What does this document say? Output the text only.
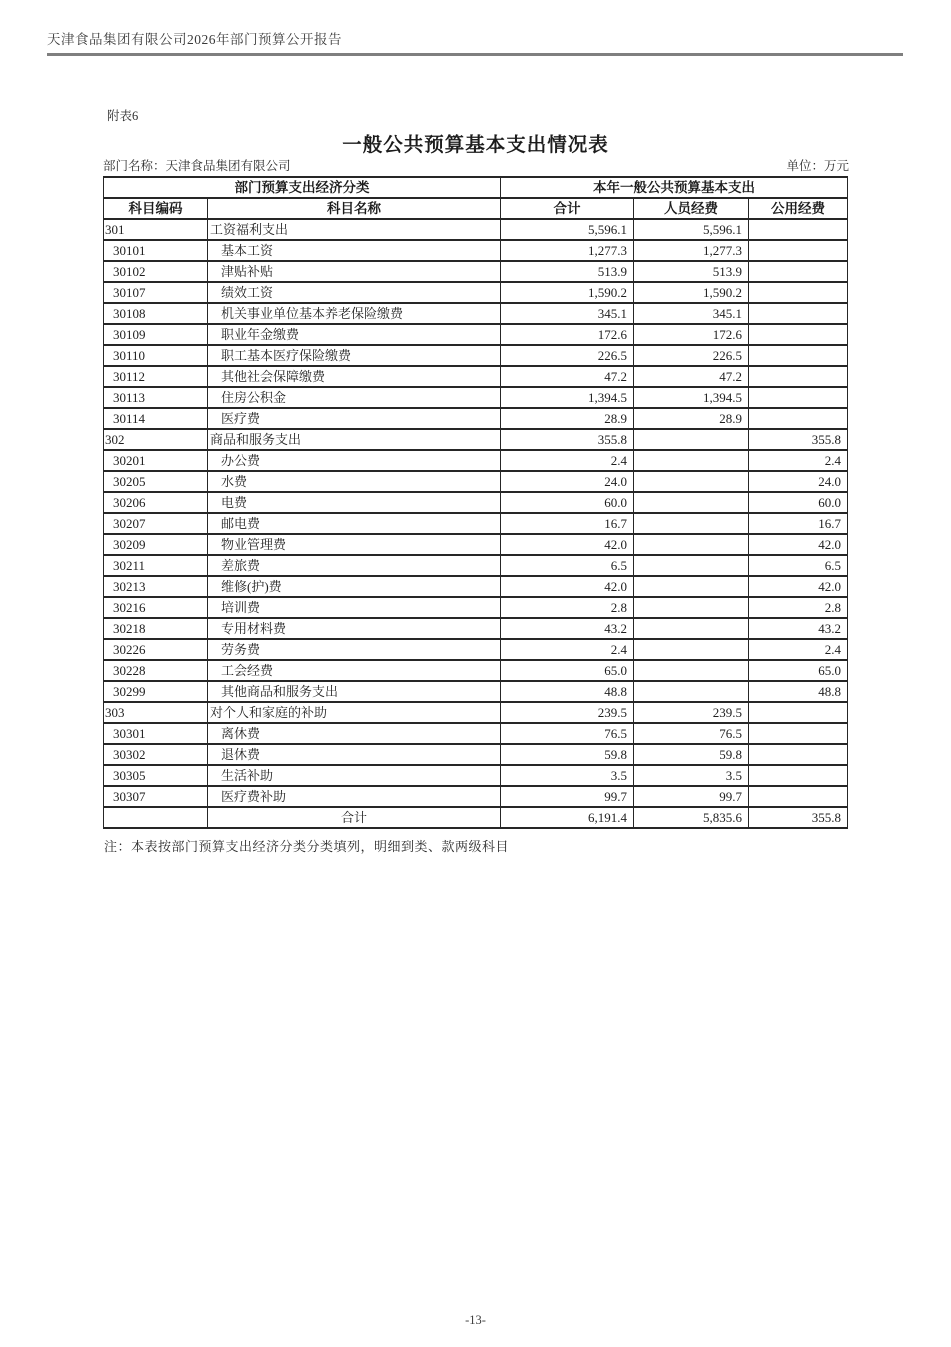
天津食品集团有限公司2026年部门预算公开报告
附表6
一般公共预算基本支出情况表
部门名称：天津食品集团有限公司	单位：万元
部门预算支出经济分类		本年一般公共预算基本支出		
科目编码	科目名称	合计	人员经费	公用经费
301	工资福利支出	5,596.1	5,596.1	
30101	基本工资	1,277.3	1,277.3	
30102	津贴补贴	513.9	513.9	
30107	绩效工资	1,590.2	1,590.2	
30108	机关事业单位基本养老保险缴费	345.1	345.1	
30109	职业年金缴费	172.6	172.6	
30110	职工基本医疗保险缴费	226.5	226.5	
30112	其他社会保障缴费	47.2	47.2	
30113	住房公积金	1,394.5	1,394.5	
30114	医疗费	28.9	28.9	
302	商品和服务支出	355.8		355.8
30201	办公费	2.4		2.4
30205	水费	24.0		24.0
30206	电费	60.0		60.0
30207	邮电费	16.7		16.7
30209	物业管理费	42.0		42.0
30211	差旅费	6.5		6.5
30213	维修(护)费	42.0		42.0
30216	培训费	2.8		2.8
30218	专用材料费	43.2		43.2
30226	劳务费	2.4		2.4
30228	工会经费	65.0		65.0
30299	其他商品和服务支出	48.8		48.8
303	对个人和家庭的补助	239.5	239.5	
30301	离休费	76.5	76.5	
30302	退休费	59.8	59.8	
30305	生活补助	3.5	3.5	
30307	医疗费补助	99.7	99.7	
	合计	6,191.4	5,835.6	355.8
注：本表按部门预算支出经济分类分类填列，明细到类、款两级科目
-13-
